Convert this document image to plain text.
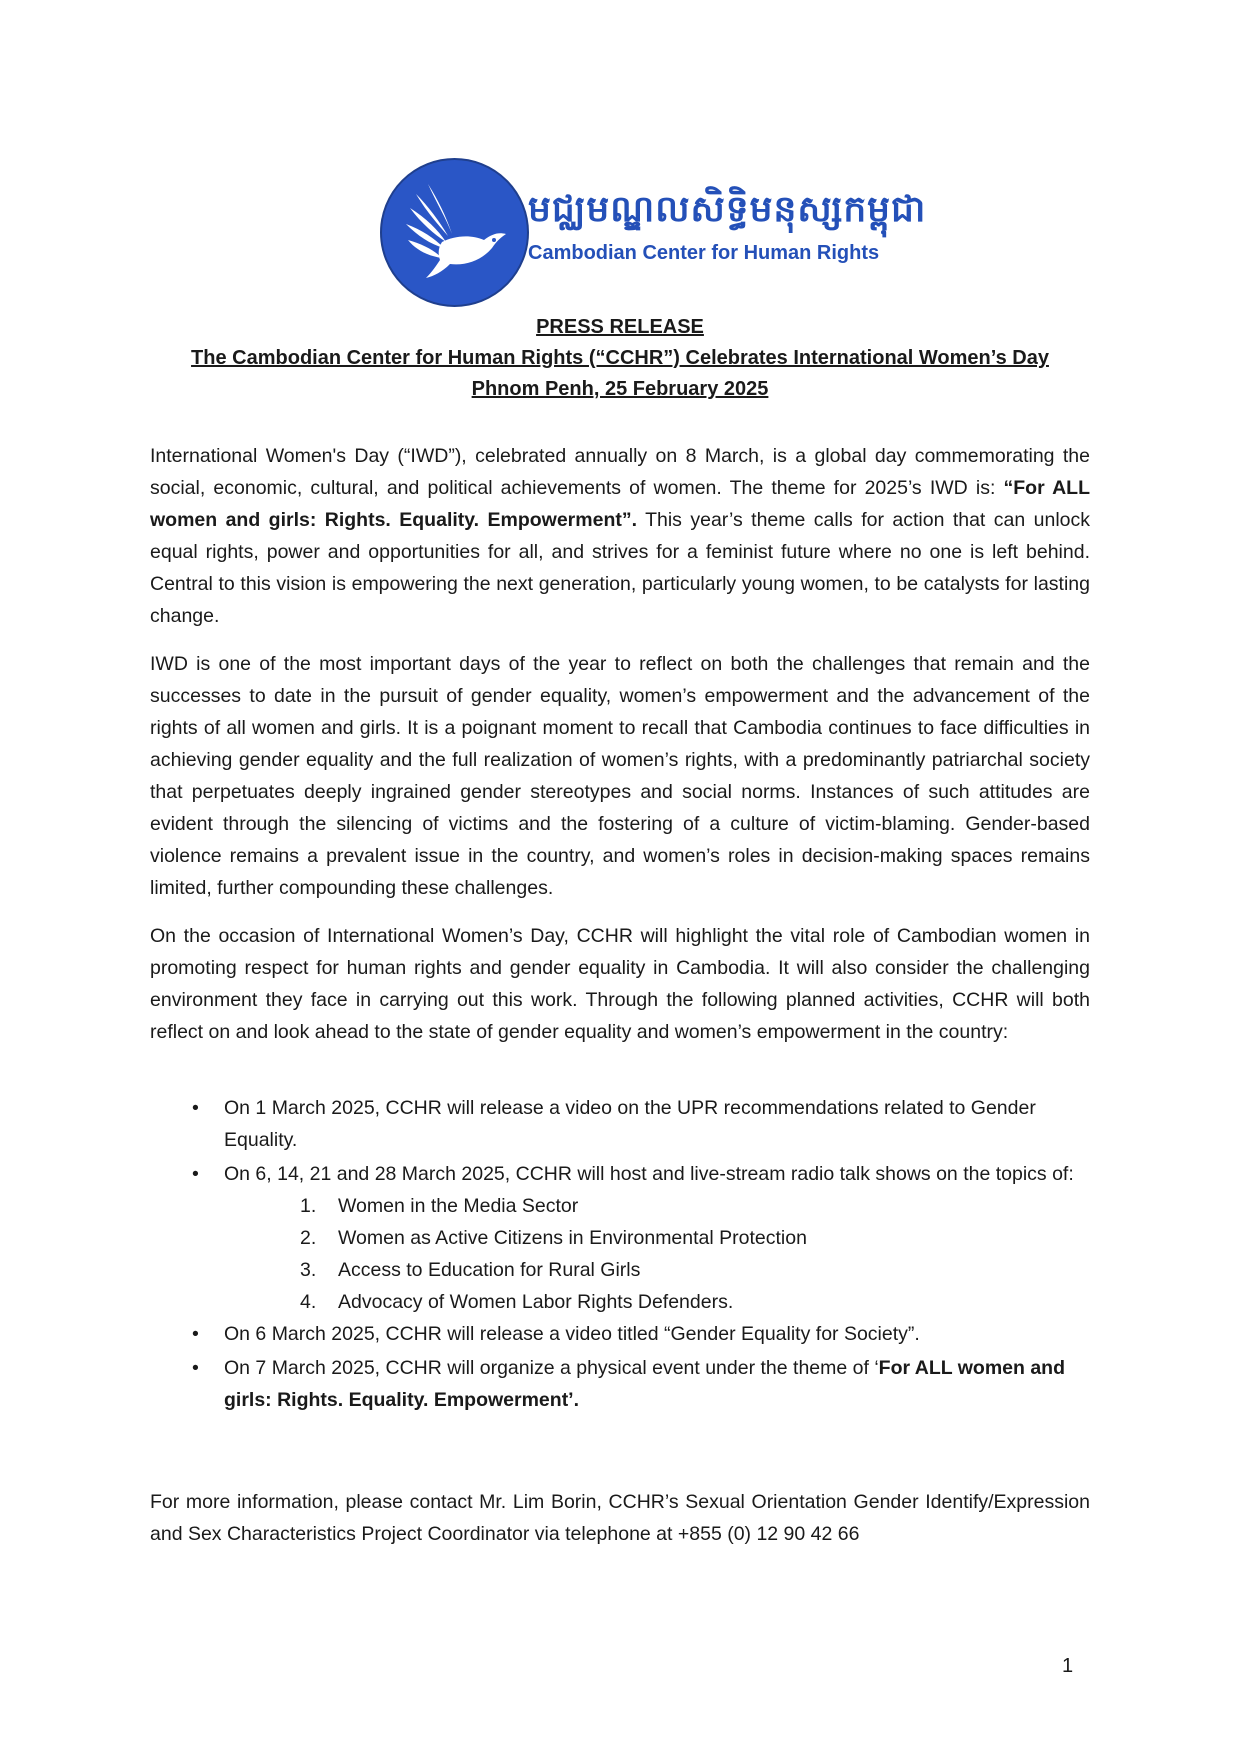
មជ្ឈមណ្ឌលសិទ្ធិមនុស្សកម្ពុជា
Cambodian Center for Human Rights
PRESS RELEASE
The Cambodian Center for Human Rights (“CCHR”) Celebrates International Women’s Day
Phnom Penh, 25 February 2025

International Women's Day (“IWD”), celebrated annually on 8 March, is a global day commemorating the social, economic, cultural, and political achievements of women. The theme for 2025’s IWD is: “For ALL women and girls: Rights. Equality. Empowerment”. This year’s theme calls for action that can unlock equal rights, power and opportunities for all, and strives for a feminist future where no one is left behind. Central to this vision is empowering the next generation, particularly young women, to be catalysts for lasting change.

IWD is one of the most important days of the year to reflect on both the challenges that remain and the successes to date in the pursuit of gender equality, women’s empowerment and the advancement of the rights of all women and girls. It is a poignant moment to recall that Cambodia continues to face difficulties in achieving gender equality and the full realization of women’s rights, with a predominantly patriarchal society that perpetuates deeply ingrained gender stereotypes and social norms. Instances of such attitudes are evident through the silencing of victims and the fostering of a culture of victim-blaming. Gender-based violence remains a prevalent issue in the country, and women’s roles in decision-making spaces remains limited, further compounding these challenges.

On the occasion of International Women’s Day, CCHR will highlight the vital role of Cambodian women in promoting respect for human rights and gender equality in Cambodia. It will also consider the challenging environment they face in carrying out this work. Through the following planned activities, CCHR will both reflect on and look ahead to the state of gender equality and women’s empowerment in the country:

• On 1 March 2025, CCHR will release a video on the UPR recommendations related to Gender Equality.
• On 6, 14, 21 and 28 March 2025, CCHR will host and live-stream radio talk shows on the topics of:
1. Women in the Media Sector
2. Women as Active Citizens in Environmental Protection
3. Access to Education for Rural Girls
4. Advocacy of Women Labor Rights Defenders.
• On 6 March 2025, CCHR will release a video titled “Gender Equality for Society”.
• On 7 March 2025, CCHR will organize a physical event under the theme of ‘For ALL women and girls: Rights. Equality. Empowerment’.

For more information, please contact Mr. Lim Borin, CCHR’s Sexual Orientation Gender Identify/Expression and Sex Characteristics Project Coordinator via telephone at +855 (0) 12 90 42 66

1
